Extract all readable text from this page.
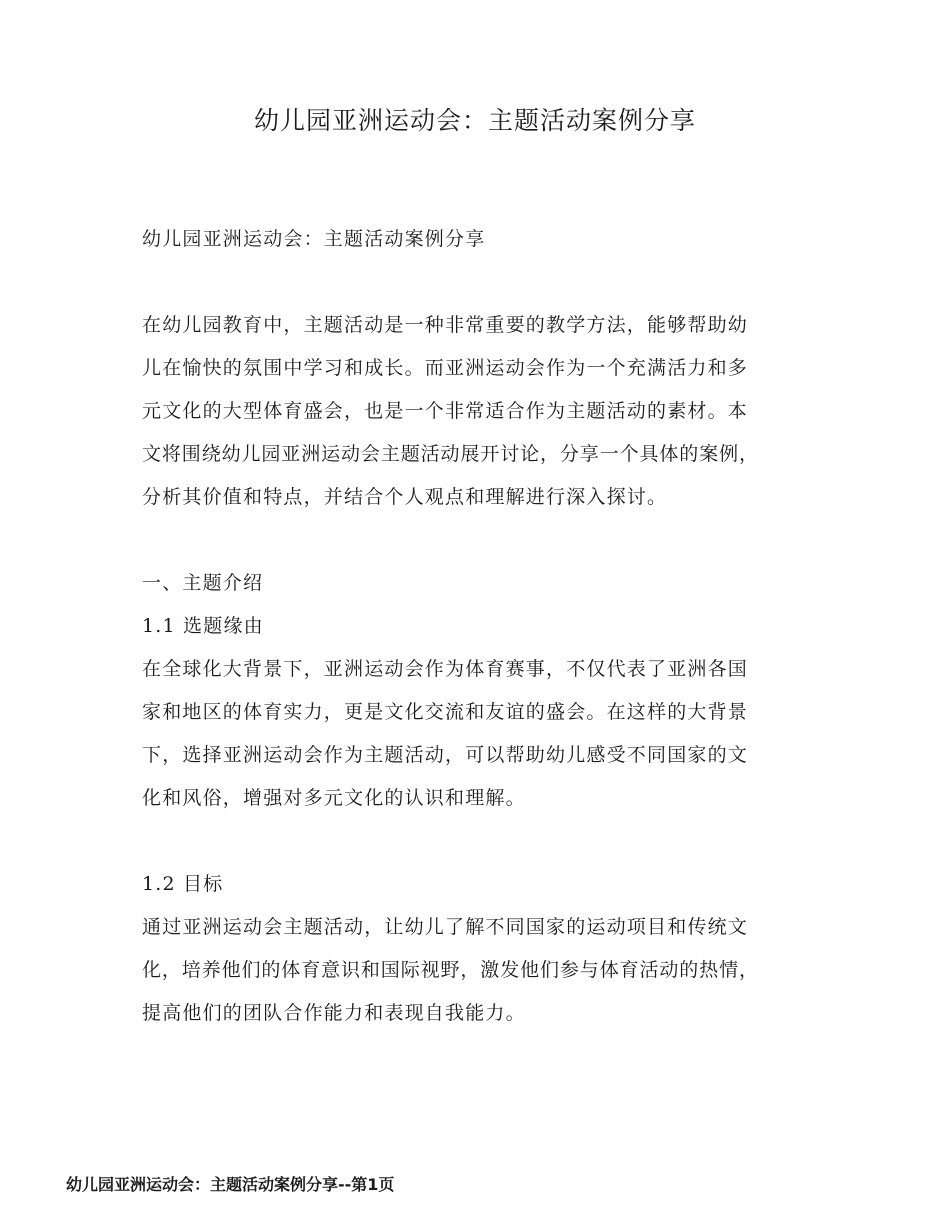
幼儿园亚洲运动会：主题活动案例分享
幼儿园亚洲运动会：主题活动案例分享
在幼儿园教育中，主题活动是一种非常重要的教学方法，能够帮助幼
儿在愉快的氛围中学习和成长。而亚洲运动会作为一个充满活力和多
元文化的大型体育盛会，也是一个非常适合作为主题活动的素材。本
文将围绕幼儿园亚洲运动会主题活动展开讨论，分享一个具体的案例，
分析其价值和特点，并结合个人观点和理解进行深入探讨。
一、主题介绍
1.1 选题缘由
在全球化大背景下，亚洲运动会作为体育赛事，不仅代表了亚洲各国
家和地区的体育实力，更是文化交流和友谊的盛会。在这样的大背景
下，选择亚洲运动会作为主题活动，可以帮助幼儿感受不同国家的文
化和风俗，增强对多元文化的认识和理解。
1.2 目标
通过亚洲运动会主题活动，让幼儿了解不同国家的运动项目和传统文
化，培养他们的体育意识和国际视野，激发他们参与体育活动的热情，
提高他们的团队合作能力和表现自我能力。
幼儿园亚洲运动会：主题活动案例分享--第1页
